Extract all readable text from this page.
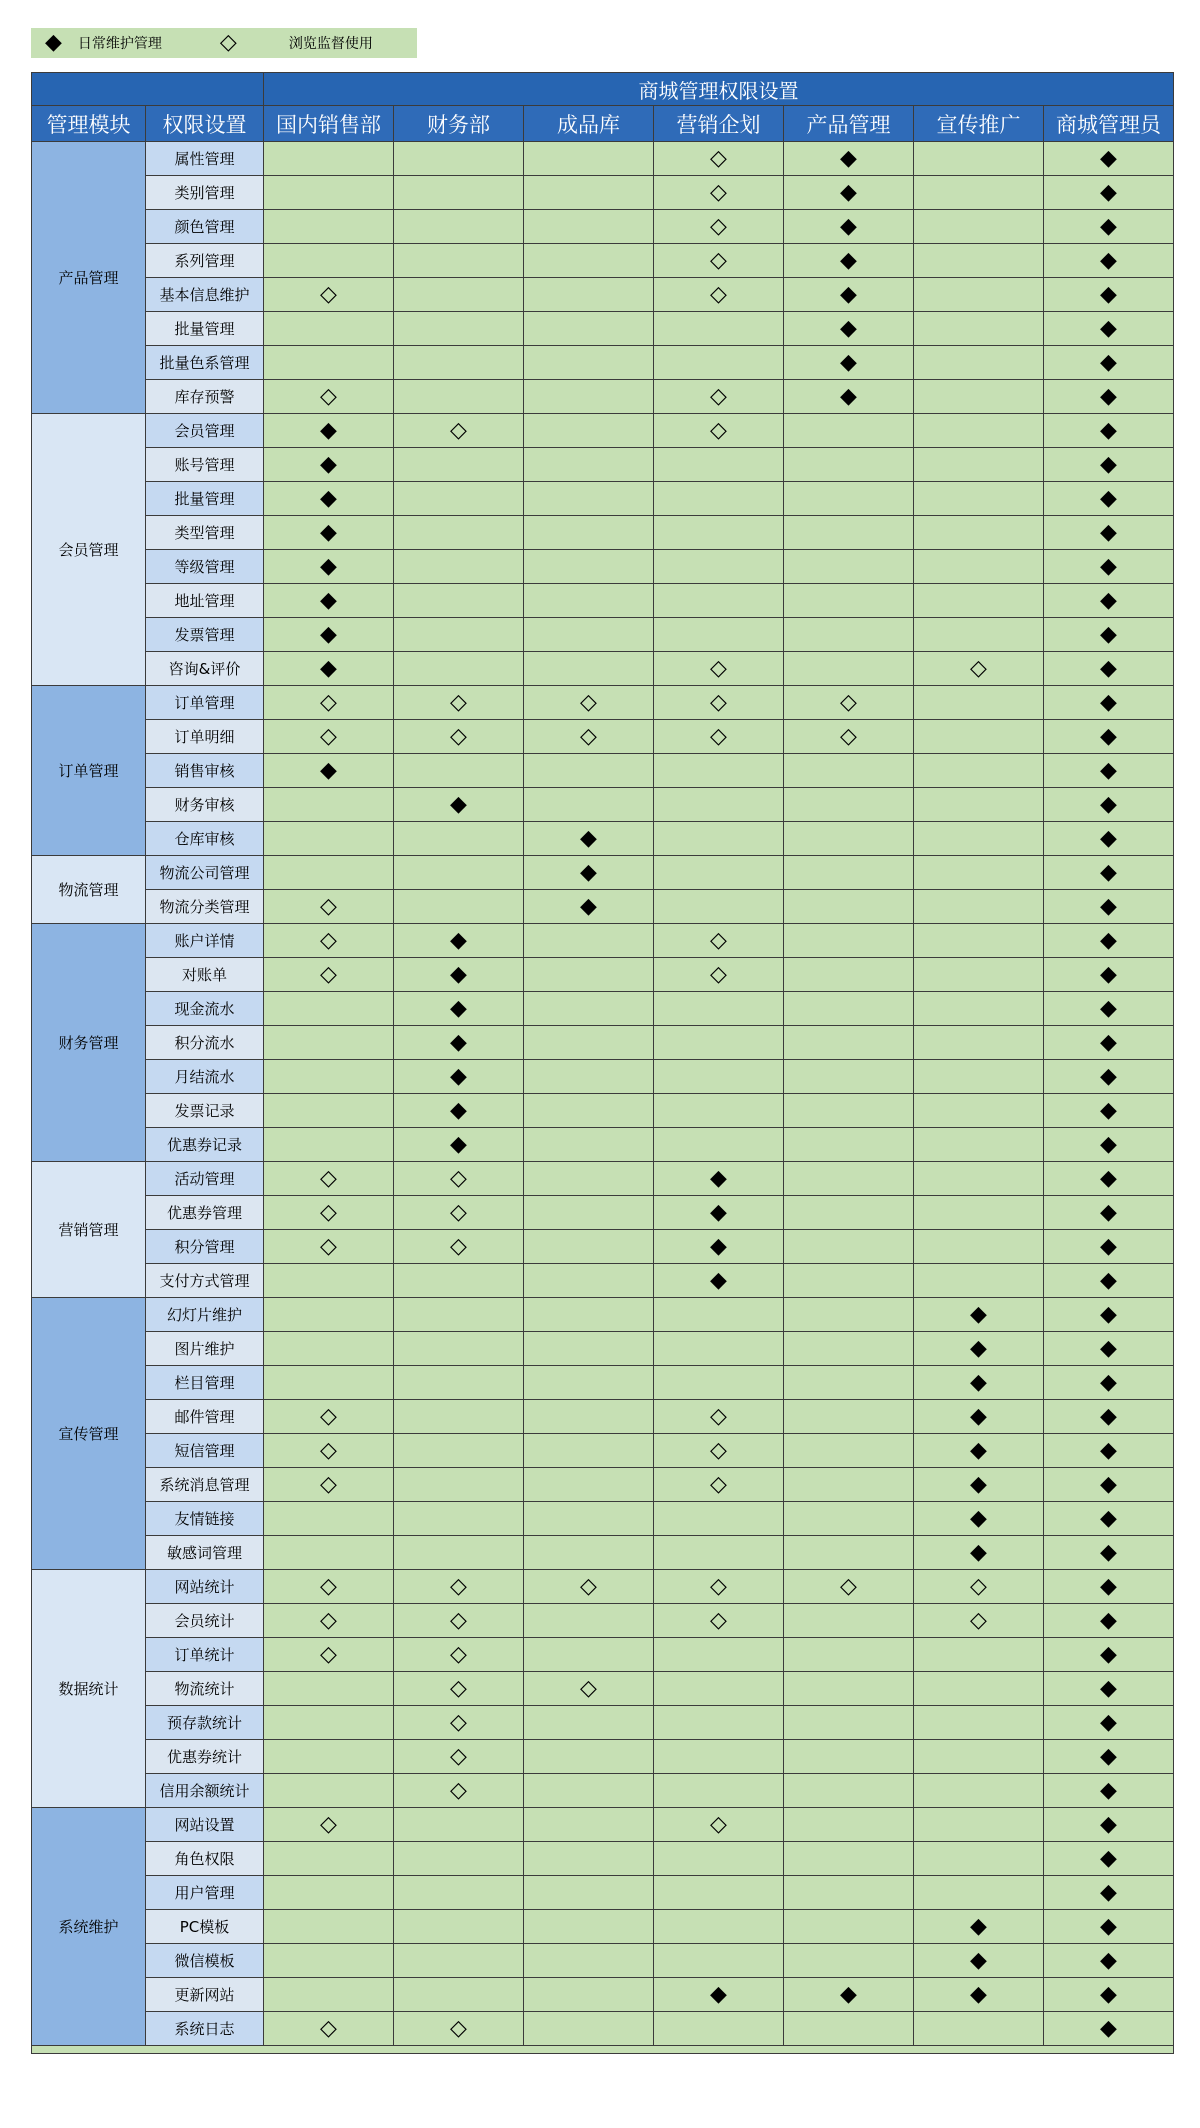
◆ 日常维护管理	◇	浏览监督使用
		商城管理权限设置						
管理模块	权限设置	国内销售部	财务部	成品库	营销企划	产品管理	宣传推广	商城管理员
产品管理	属性管理				◇	◆		◆
	类别管理				◇	◆		◆
	颜色管理				◇	◆		◆
	系列管理				◇	◆		◆
	基本信息维护	◇			◇	◆		◆
	批量管理					◆		◆
	批量色系管理					◆		◆
	库存预警	◇			◇	◆		◆
会员管理	会员管理	◆	◇		◇			◆
	账号管理	◆						◆
	批量管理	◆						◆
	类型管理	◆						◆
	等级管理	◆						◆
	地址管理	◆						◆
	发票管理	◆						◆
	咨询&评价	◆			◇		◇	◆
订单管理	订单管理	◇	◇	◇	◇	◇		◆
	订单明细	◇	◇	◇	◇	◇		◆
	销售审核	◆						◆
	财务审核		◆					◆
	仓库审核			◆				◆
物流管理	物流公司管理			◆				◆
	物流分类管理	◇		◆				◆
财务管理	账户详情	◇	◆		◇			◆
	对账单	◇	◆		◇			◆
	现金流水		◆					◆
	积分流水		◆					◆
	月结流水		◆					◆
	发票记录		◆					◆
	优惠券记录		◆					◆
营销管理	活动管理	◇	◇		◆			◆
	优惠券管理	◇	◇		◆			◆
	积分管理	◇	◇		◆			◆
	支付方式管理				◆			◆
宣传管理	幻灯片维护						◆	◆
	图片维护						◆	◆
	栏目管理						◆	◆
	邮件管理	◇			◇		◆	◆
	短信管理	◇			◇		◆	◆
	系统消息管理	◇			◇		◆	◆
	友情链接						◆	◆
	敏感词管理						◆	◆
数据统计	网站统计	◇	◇	◇	◇	◇	◇	◆
	会员统计	◇	◇		◇		◇	◆
	订单统计	◇	◇					◆
	物流统计		◇	◇				◆
	预存款统计		◇					◆
	优惠券统计		◇					◆
	信用余额统计		◇					◆
系统维护	网站设置	◇			◇			◆
	角色权限							◆
	用户管理							◆
	PC模板						◆	◆
	微信模板						◆	◆
	更新网站				◆	◆	◆	◆
	系统日志	◇	◇					◆
